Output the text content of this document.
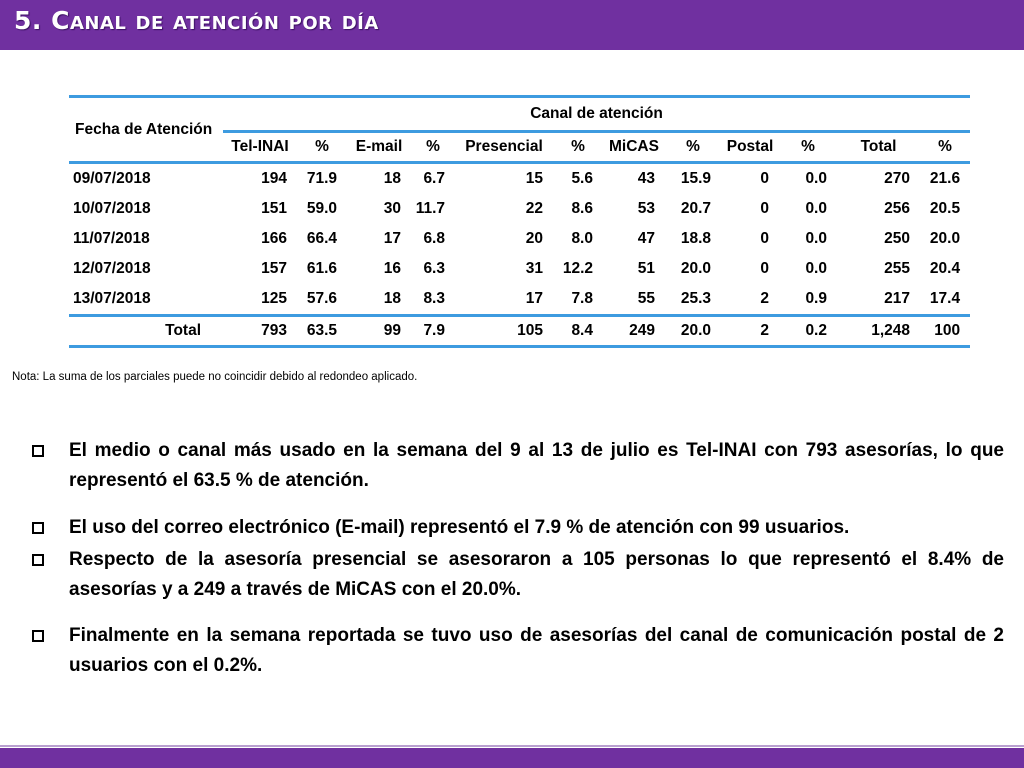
5. Canal de atención por día
Fecha de Atención	Canal de atención											
	Tel-INAI	%	E-mail	%	Presencial	%	MiCAS	%	Postal	%	Total	%
09/07/2018	194	71.9	18	6.7	15	5.6	43	15.9	0	0.0	270	21.6
10/07/2018	151	59.0	30	11.7	22	8.6	53	20.7	0	0.0	256	20.5
11/07/2018	166	66.4	17	6.8	20	8.0	47	18.8	0	0.0	250	20.0
12/07/2018	157	61.6	16	6.3	31	12.2	51	20.0	0	0.0	255	20.4
13/07/2018	125	57.6	18	8.3	17	7.8	55	25.3	2	0.9	217	17.4
Total	793	63.5	99	7.9	105	8.4	249	20.0	2	0.2	1,248	100
Nota: La suma de los parciales puede no coincidir debido al redondeo aplicado.
El medio o canal más usado en la semana del 9 al 13 de julio es Tel-INAI con 793 asesorías, lo que representó el 63.5 % de atención.
El uso del correo electrónico (E-mail) representó el 7.9 % de atención con 99 usuarios.
Respecto de la asesoría presencial se asesoraron a 105 personas lo que representó el 8.4% de asesorías y a 249 a través de MiCAS con el 20.0%.
Finalmente en la semana reportada se tuvo uso de asesorías del canal de comunicación postal de 2 usuarios con el 0.2%.
